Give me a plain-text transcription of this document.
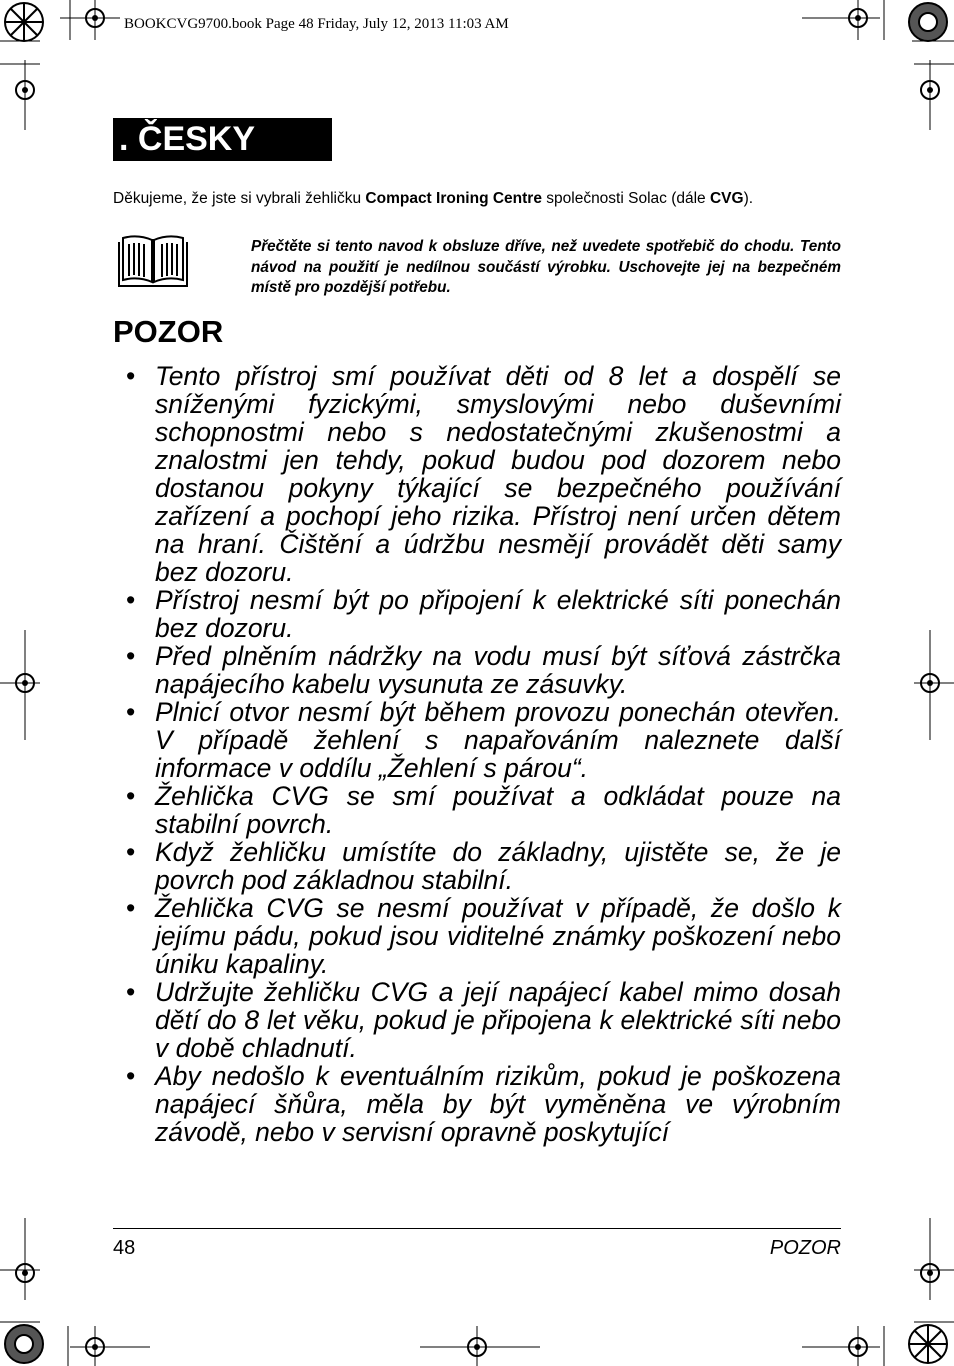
BOOKCVG9700.book Page 48 Friday, July 12, 2013 11:03 AM
. ČESKY
Děkujeme, že jste si vybrali žehličku Compact Ironing Centre společnosti Solac (dále CVG).
Přečtěte si tento navod k obsluze dříve, než uvedete spotřebič do chodu. Tento návod na použití je nedílnou součástí výrobku. Uschovejte jej na bezpečném místě pro pozdější potřebu.
POZOR
• Tento přístroj smí používat děti od 8 let a dospělí se sníženými fyzickými, smyslovými nebo duševními schopnostmi nebo s nedostatečnými zkušenostmi a znalostmi jen tehdy, pokud budou pod dozorem nebo dostanou pokyny týkající se bezpečného používání zařízení a pochopí jeho rizika. Přístroj není určen dětem na hraní. Čištění a údržbu nesmějí provádět děti samy bez dozoru.
• Přístroj nesmí být po připojení k elektrické síti ponechán bez dozoru.
• Před plněním nádržky na vodu musí být síťová zástrčka napájecího kabelu vysunuta ze zásuvky.
• Plnicí otvor nesmí být během provozu ponechán otevřen. V případě žehlení s napařováním naleznete další informace v oddílu „Žehlení s párou“.
• Žehlička CVG se smí používat a odkládat pouze na stabilní povrch.
• Když žehličku umístíte do základny, ujistěte se, že je povrch pod základnou stabilní.
• Žehlička CVG se nesmí používat v případě, že došlo k jejímu pádu, pokud jsou viditelné známky poškození nebo úniku kapaliny.
• Udržujte žehličku CVG a její napájecí kabel mimo dosah dětí do 8 let věku, pokud je připojena k elektrické síti nebo v době chladnutí.
• Aby nedošlo k eventuálním rizikům, pokud je poškozena napájecí šňůra, měla by být vyměněna ve výrobním závodě, nebo v servisní opravně poskytující
48	POZOR
